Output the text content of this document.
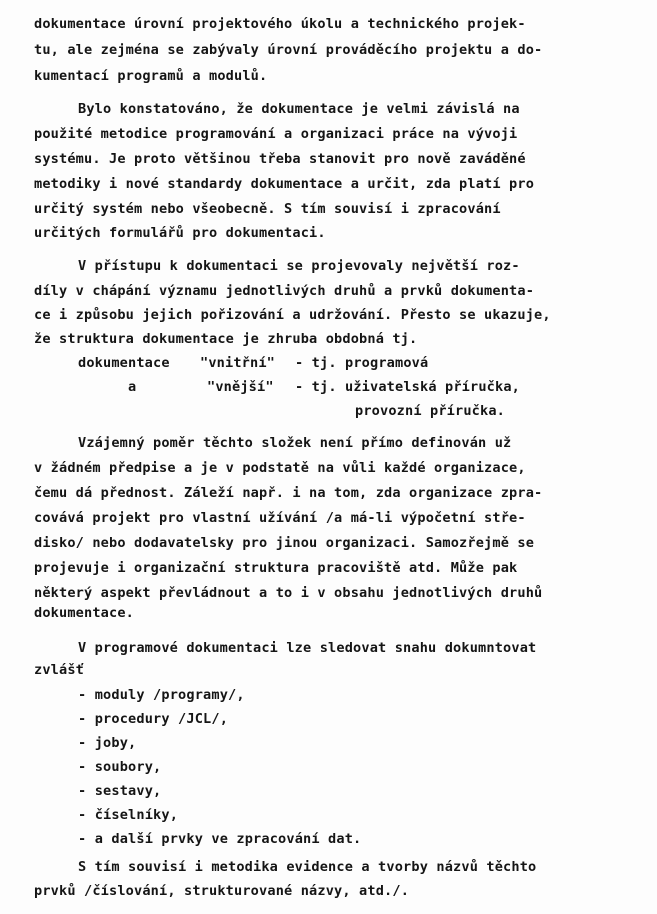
dokumentace úrovní projektového úkolu a technického projek-
tu, ale zejména se zabývaly úrovní prováděcího projektu a do-
kumentací programů a modulů.
Bylo konstatováno, že dokumentace je velmi závislá na
použité metodice programování a organizaci práce na vývoji
systému. Je proto většinou třeba stanovit pro nově zaváděné
metodiky i nové standardy dokumentace a určit, zda platí pro
určitý systém nebo všeobecně. S tím souvisí i zpracování
určitých formulářů pro dokumentaci.
V přístupu k dokumentaci se projevovaly největší roz-
díly v chápání významu jednotlivých druhů a prvků dokumenta-
ce i způsobu jejich pořizování a udržování. Přesto se ukazuje,
že struktura dokumentace je zhruba obdobná tj.
dokumentace "vnitřní" - tj. programová
a	"vnější" - tj. uživatelská příručka,
provozní příručka.
Vzájemný poměr těchto složek není přímo definován už
v žádném předpise a je v podstatě na vůli každé organizace,
čemu dá přednost. Záleží např. i na tom, zda organizace zpra-
covává projekt pro vlastní užívání /a má-li výpočetní stře-
disko/ nebo dodavatelsky pro jinou organizaci. Samozřejmě se
projevuje i organizační struktura pracoviště atd. Může pak
některý aspekt převládnout a to i v obsahu jednotlivých druhů
dokumentace.
V programové dokumentaci lze sledovat snahu dokumntovat
zvlášť
- moduly /programy/,
- procedury /JCL/,
- joby,
- soubory,
- sestavy,
- číselníky,
- a další prvky ve zpracování dat.
S tím souvisí i metodika evidence a tvorby názvů těchto
prvků /číslování, strukturované názvy, atd./.
